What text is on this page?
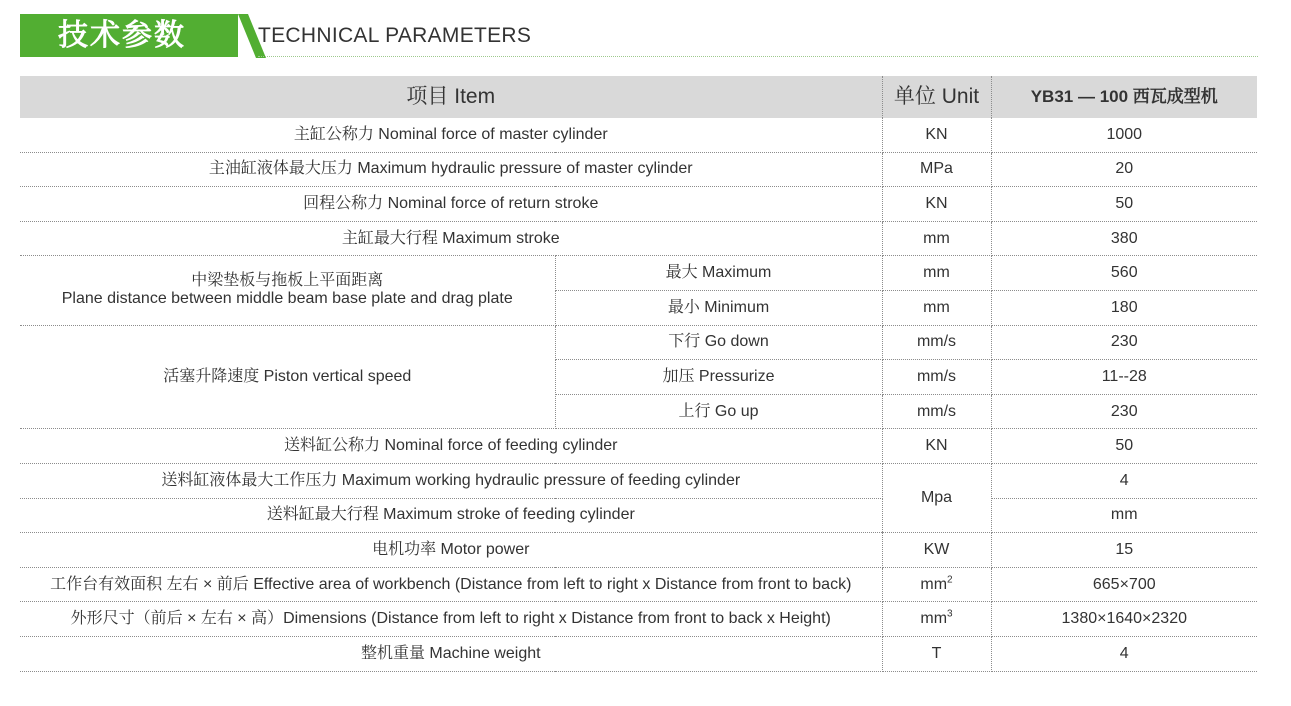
技术参数	TECHNICAL PARAMETERS
项目 Item		单位 Unit	YB31 — 100 西瓦成型机
主缸公称力 Nominal force of master cylinder		KN	1000
主油缸液体最大压力 Maximum hydraulic pressure of master cylinder		MPa	20
回程公称力 Nominal force of return stroke		KN	50
主缸最大行程 Maximum stroke		mm	380

中梁垫板与拖板上平面距离
Plane distance between middle beam base plate and drag plate	最大 Maximum	mm	560
	最小 Minimum	mm	180
活塞升降速度 Piston vertical speed	下行 Go down	mm/s	230
	加压 Pressurize	mm/s	11--28
	上行 Go up	mm/s	230
送料缸公称力 Nominal force of feeding cylinder		KN	50
送料缸液体最大工作压力 Maximum working hydraulic pressure of feeding cylinder		Mpa	4
送料缸最大行程 Maximum stroke of feeding cylinder			mm
电机功率 Motor power		KW	15
工作台有效面积 左右 × 前后 Effective area of workbench (Distance from left to right x Distance from front to back)		$mm^2$	665×700
外形尺寸（前后 × 左右 × 高）Dimensions (Distance from left to right x Distance from front to back x Height)		$mm^3$	1380×1640×2320
整机重量 Machine weight		T	4
